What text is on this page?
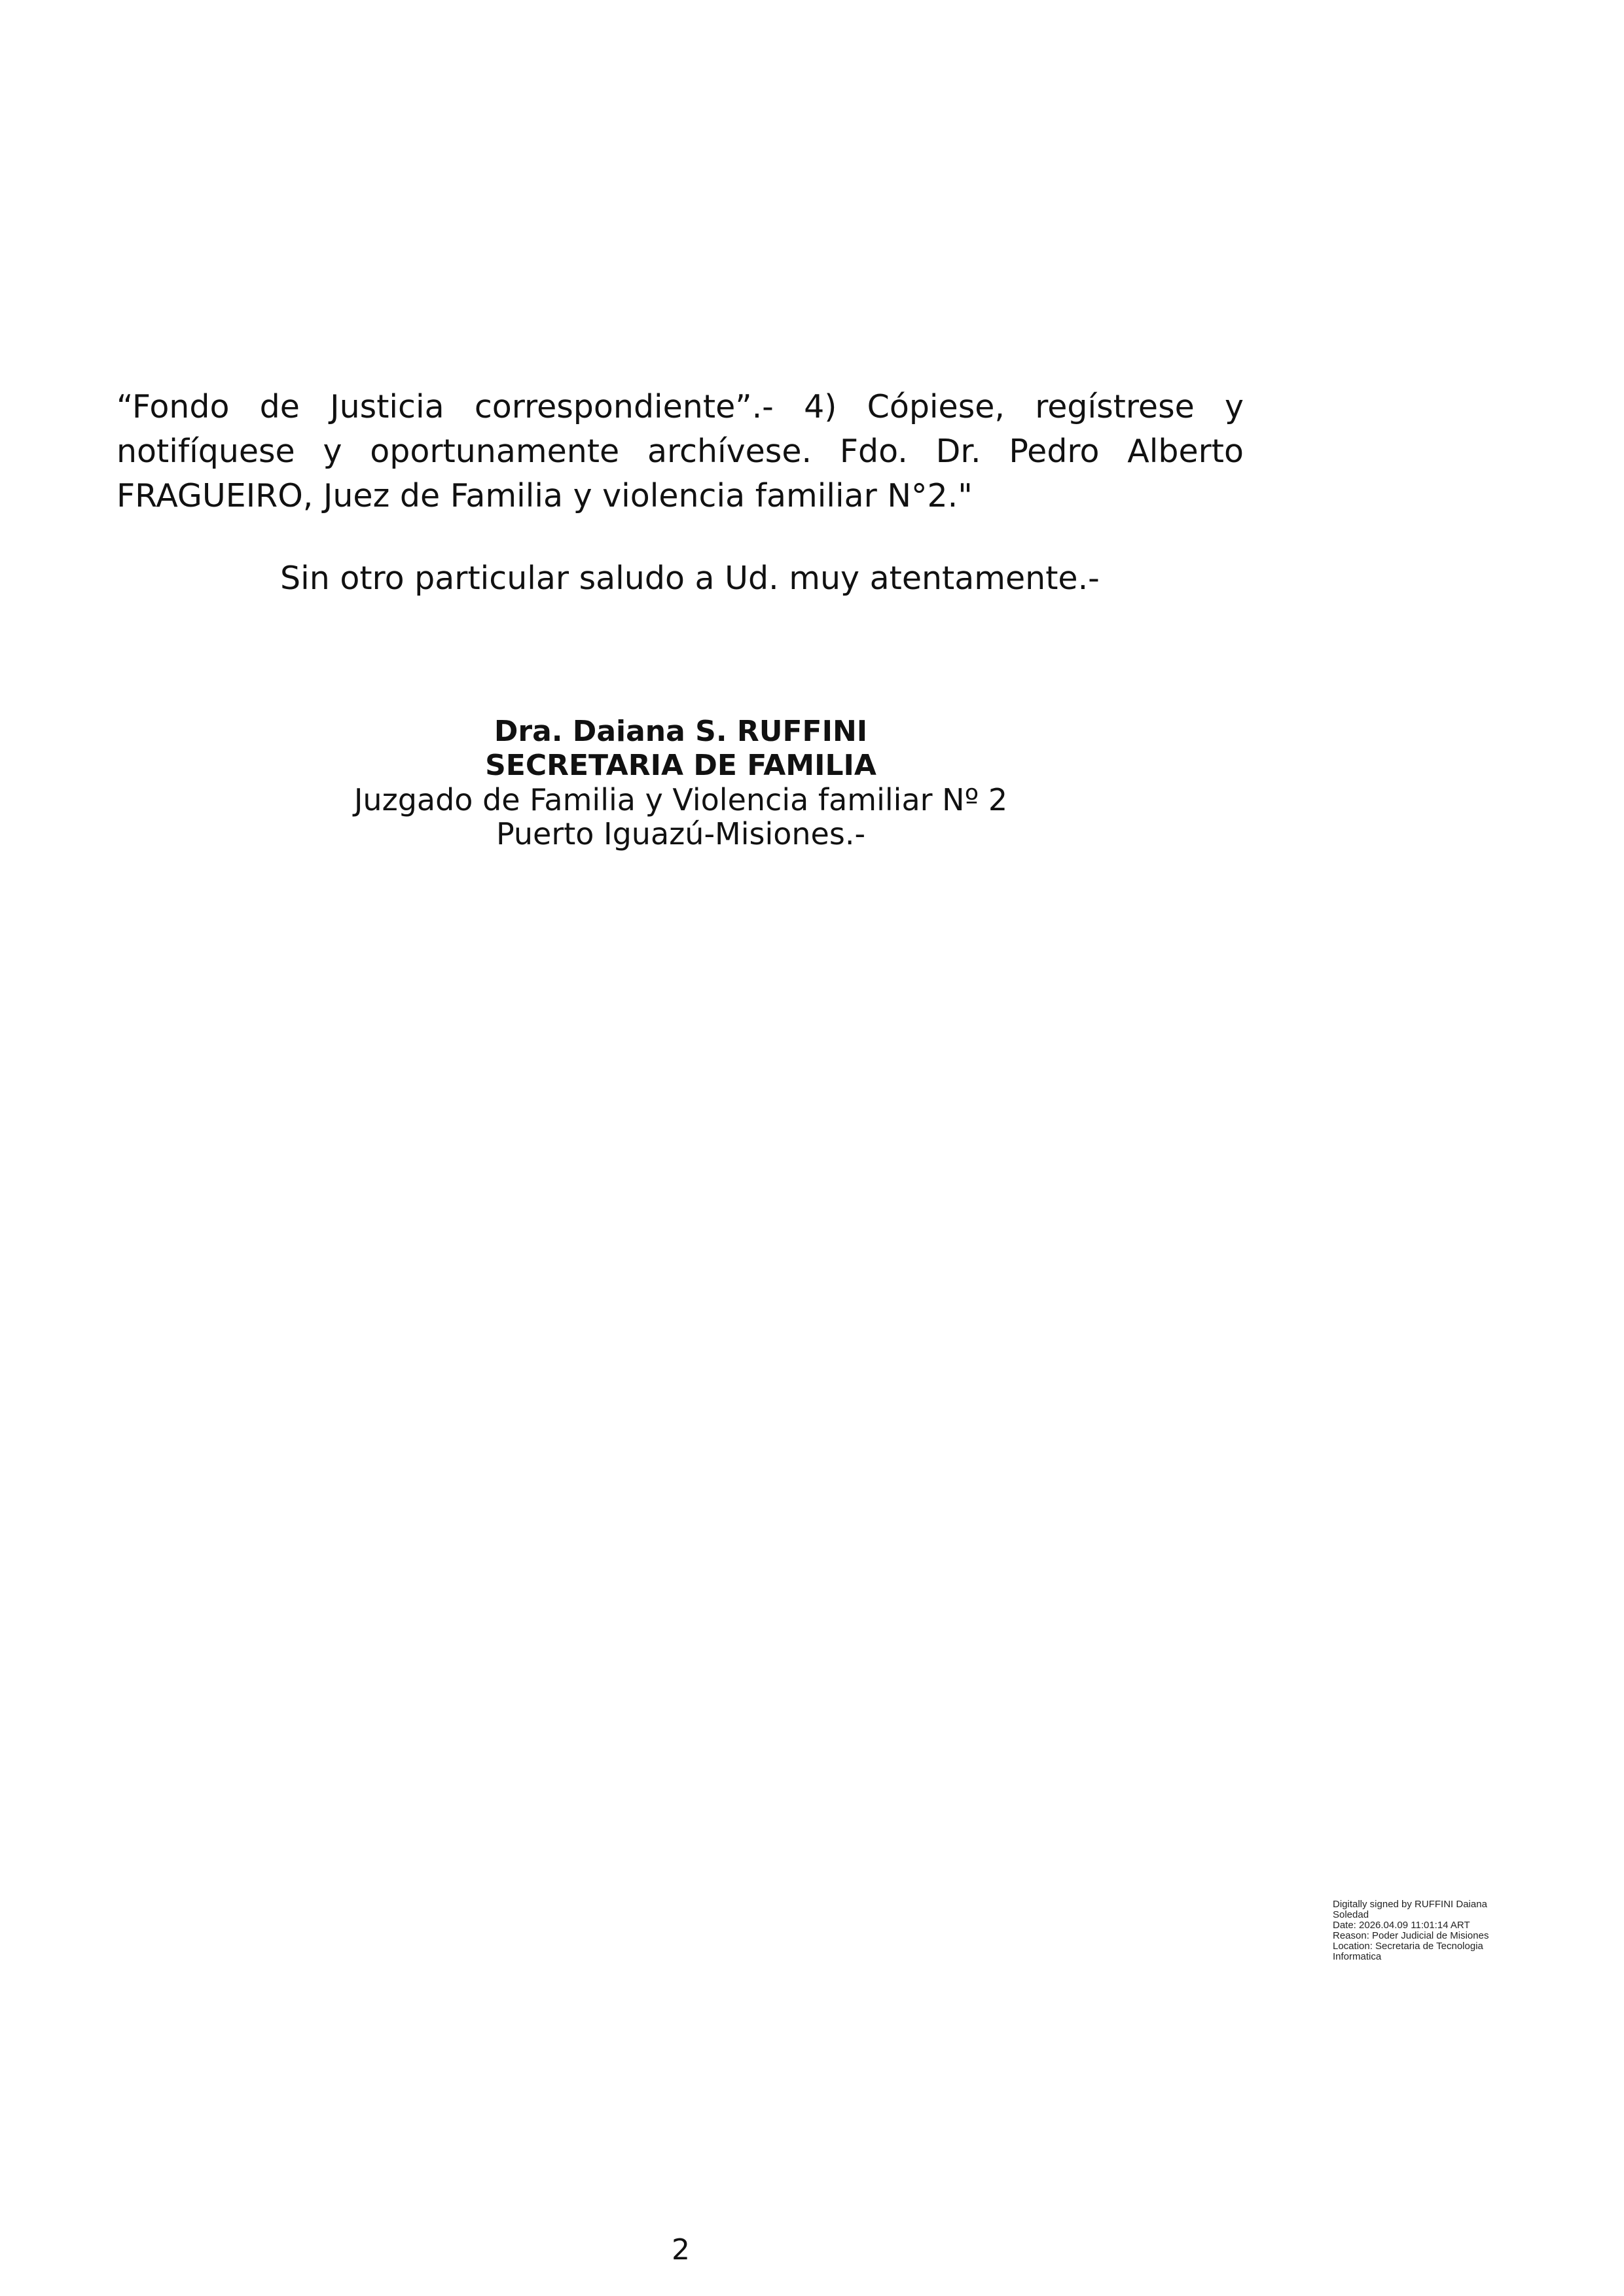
“Fondo de Justicia correspondiente”.- 4) Cópiese, regístrese y notifíquese y oportunamente archívese. Fdo. Dr. Pedro Alberto FRAGUEIRO, Juez de Familia y violencia familiar N°2."

Sin otro particular saludo a Ud. muy atentamente.-

Dra. Daiana S. RUFFINI
SECRETARIA DE FAMILIA
Juzgado de Familia y Violencia familiar Nº 2
Puerto Iguazú-Misiones.-
Digitally signed by RUFFINI Daiana
Soledad
Date: 2026.04.09 11:01:14 ART
Reason: Poder Judicial de Misiones
Location: Secretaria de Tecnologia
Informatica
2
